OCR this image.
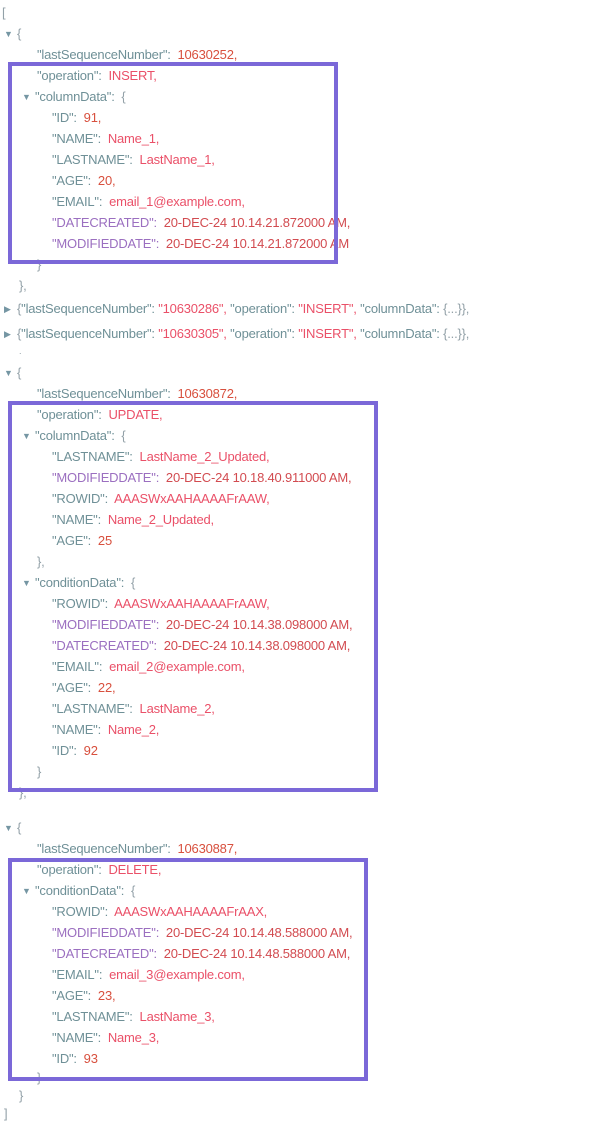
[
▼ {
"lastSequenceNumber":  10630252,
"operation":  INSERT,
▼ "columnData":  {
"ID":  91,
"NAME":  Name_1,
"LASTNAME":  LastName_1,
"AGE":  20,
"EMAIL":  email_1@example.com,
"DATECREATED":  20-DEC-24 10.14.21.872000 AM,
"MODIFIEDDATE":  20-DEC-24 10.14.21.872000 AM
}
},
▶ {"lastSequenceNumber": "10630286", "operation": "INSERT", "columnData": {...}},
▶ {"lastSequenceNumber": "10630305", "operation": "INSERT", "columnData": {...}},
.
▼ {
"lastSequenceNumber":  10630872,
"operation":  UPDATE,
▼ "columnData":  {
"LASTNAME":  LastName_2_Updated,
"MODIFIEDDATE":  20-DEC-24 10.18.40.911000 AM,
"ROWID":  AAASWxAAHAAAAFrAAW,
"NAME":  Name_2_Updated,
"AGE":  25
},
▼ "conditionData":  {
"ROWID":  AAASWxAAHAAAAFrAAW,
"MODIFIEDDATE":  20-DEC-24 10.14.38.098000 AM,
"DATECREATED":  20-DEC-24 10.14.38.098000 AM,
"EMAIL":  email_2@example.com,
"AGE":  22,
"LASTNAME":  LastName_2,
"NAME":  Name_2,
"ID":  92
}
},
▼ {
"lastSequenceNumber":  10630887,
"operation":  DELETE,
▼ "conditionData":  {
"ROWID":  AAASWxAAHAAAAFrAAX,
"MODIFIEDDATE":  20-DEC-24 10.14.48.588000 AM,
"DATECREATED":  20-DEC-24 10.14.48.588000 AM,
"EMAIL":  email_3@example.com,
"AGE":  23,
"LASTNAME":  LastName_3,
"NAME":  Name_3,
"ID":  93
}
}
]
